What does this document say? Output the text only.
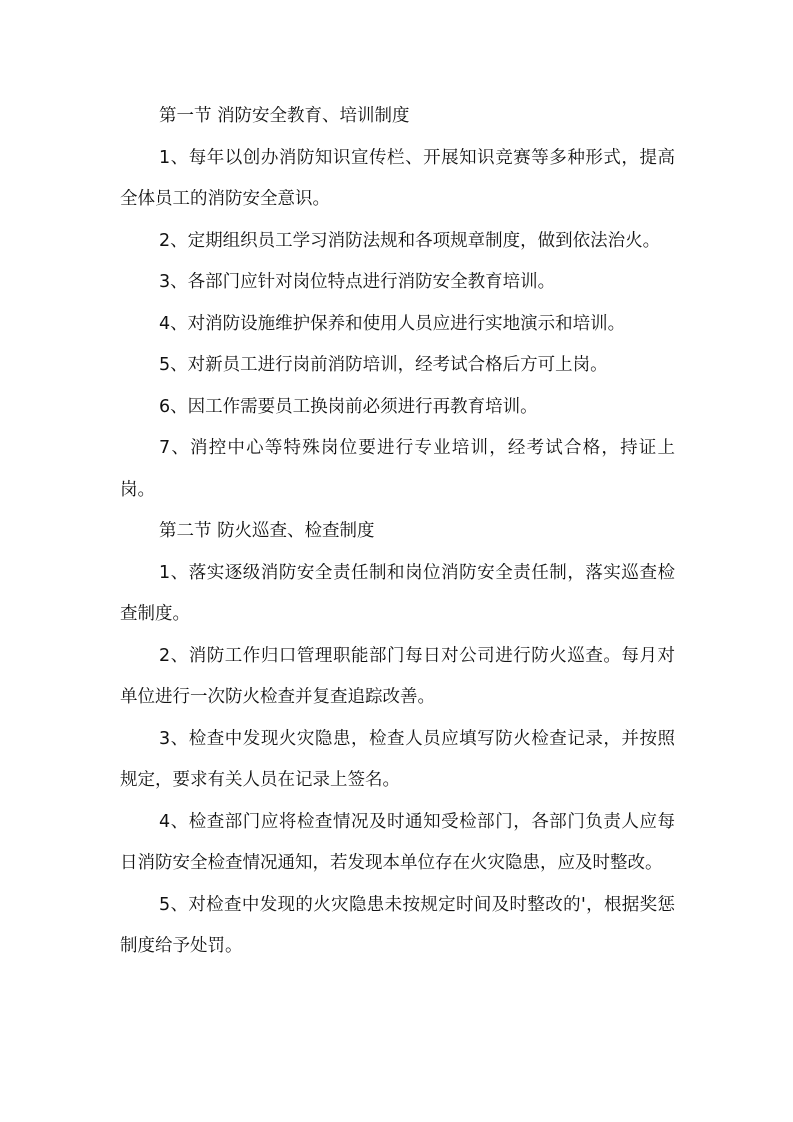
第一节 消防安全教育、培训制度

1、每年以创办消防知识宣传栏、开展知识竞赛等多种形式，提高全体员工的消防安全意识。

2、定期组织员工学习消防法规和各项规章制度，做到依法治火。

3、各部门应针对岗位特点进行消防安全教育培训。

4、对消防设施维护保养和使用人员应进行实地演示和培训。

5、对新员工进行岗前消防培训，经考试合格后方可上岗。

6、因工作需要员工换岗前必须进行再教育培训。

7、消控中心等特殊岗位要进行专业培训，经考试合格，持证上岗。

第二节 防火巡查、检查制度

1、落实逐级消防安全责任制和岗位消防安全责任制，落实巡查检查制度。

2、消防工作归口管理职能部门每日对公司进行防火巡查。每月对单位进行一次防火检查并复查追踪改善。

3、检查中发现火灾隐患，检查人员应填写防火检查记录，并按照规定，要求有关人员在记录上签名。

4、检查部门应将检查情况及时通知受检部门，各部门负责人应每日消防安全检查情况通知，若发现本单位存在火灾隐患，应及时整改。

5、对检查中发现的火灾隐患未按规定时间及时整改的'，根据奖惩制度给予处罚。
